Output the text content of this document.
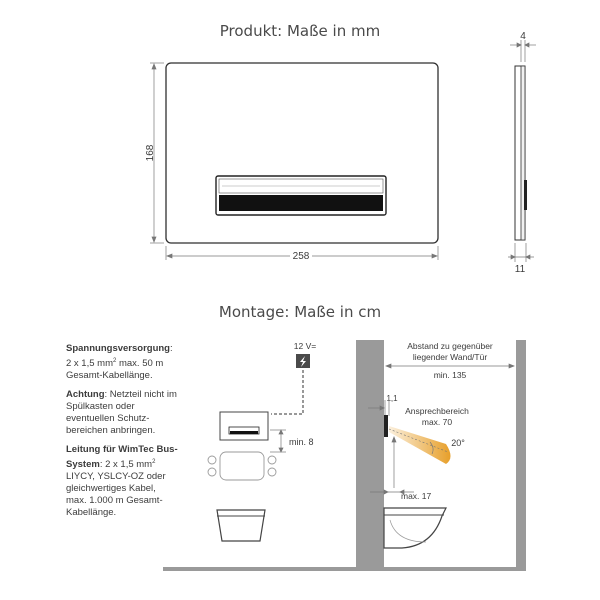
Produkt: Maße in mm
Montage: Maße in cm
168
258
4
11
12 V=
min. 8
Abstand zu gegenüber
liegender Wand/Tür
min. 135
1,1
Ansprechbereich
max. 70
20°
max. 17

Spannungsversorgung:
2 x 1,5 $mm^2$ max. 50 m Gesamt-Kabellänge.

Achtung: Netzteil nicht im Spülkasten oder eventuellen Schutz-bereichen anbringen.

Leitung für WimTec Bus-System: 2 x 1,5 $mm^2$ LIYCY, YSLCY-OZ oder gleichwertiges Kabel, max. 1.000 m Gesamt-Kabellänge.
